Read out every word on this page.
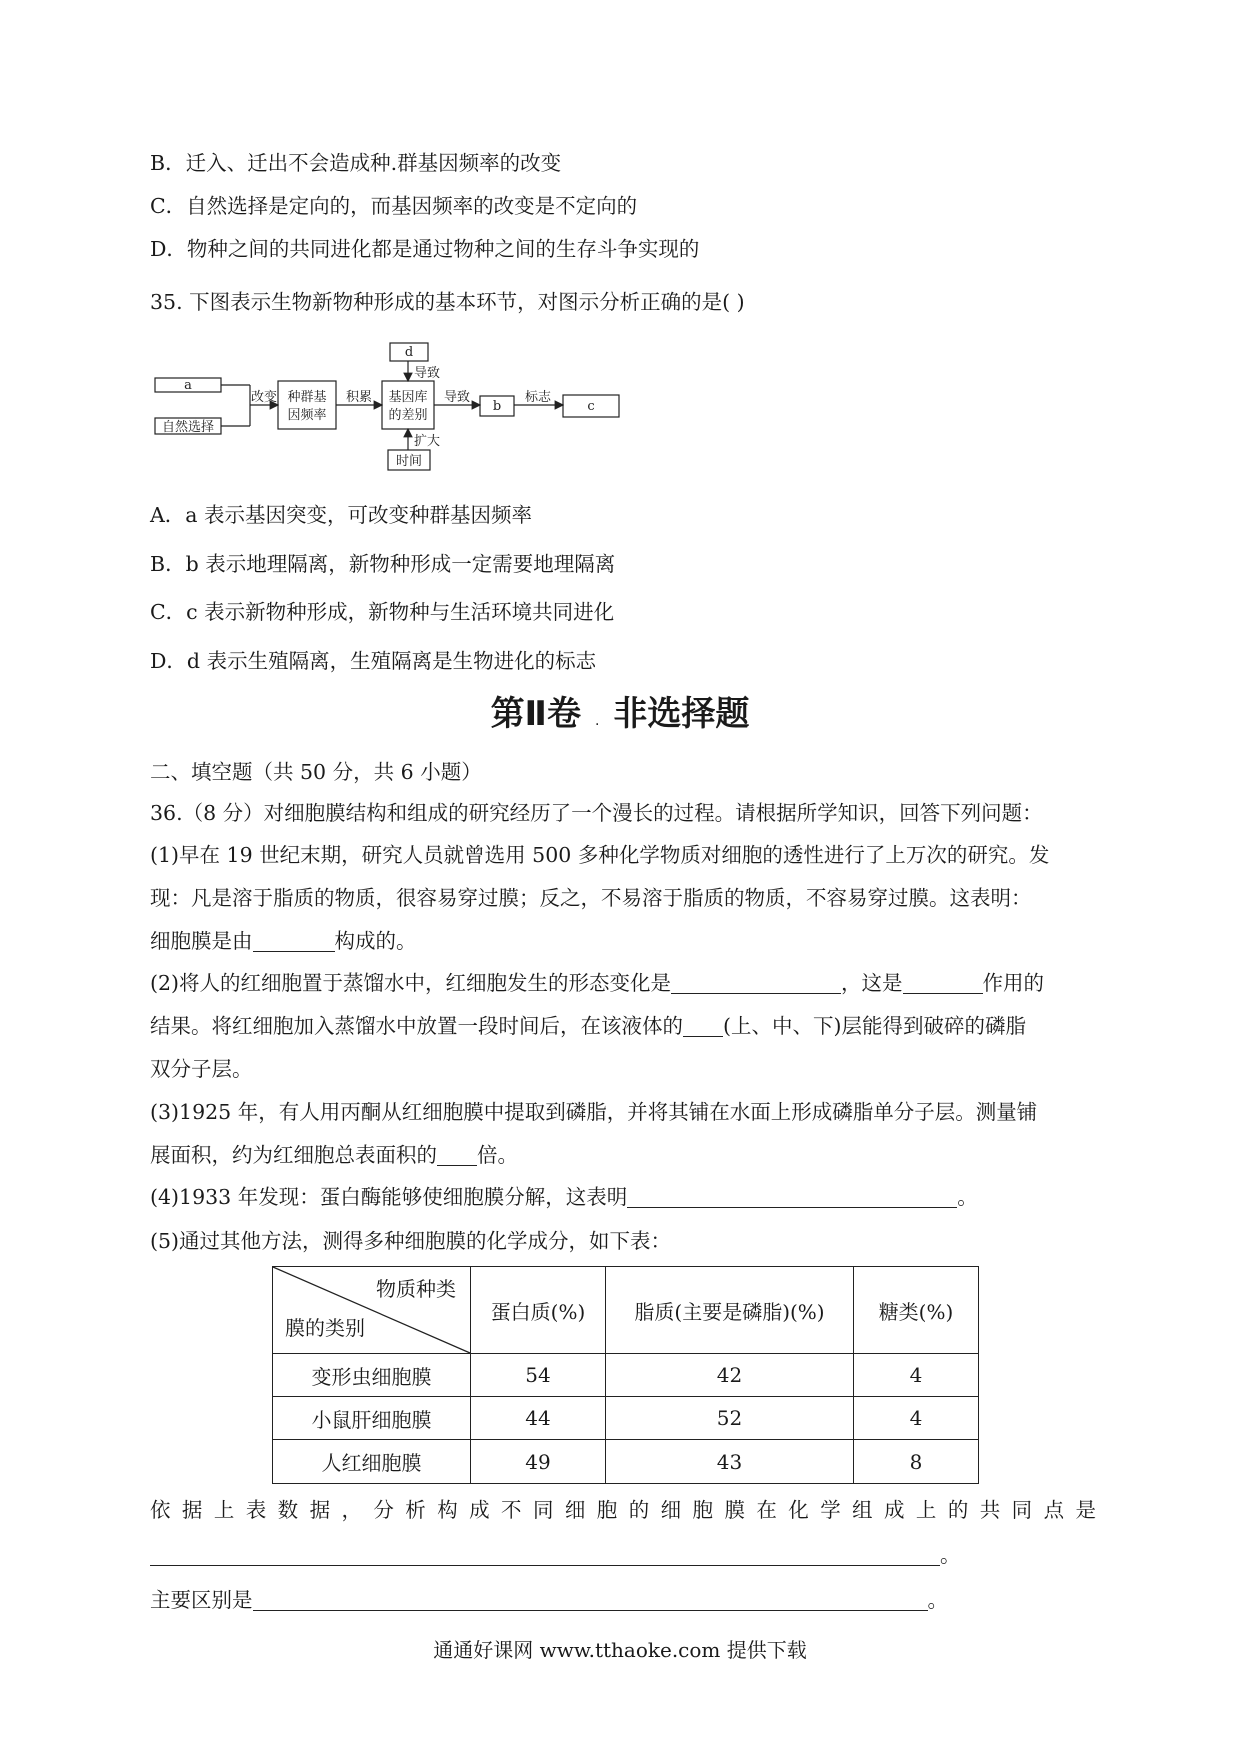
B．迁入、迁出不会造成种.群基因频率的改变
C．自然选择是定向的，而基因频率的改变是不定向的
D．物种之间的共同进化都是通过物种之间的生存斗争实现的
35. 下图表示生物新物种形成的基本环节，对图示分析正确的是( )
a
自然选择
改变 种群基
因频率
积累 基因库
的差别
d
导致
扩大
时间
导致
b
标志
c
A．a 表示基因突变，可改变种群基因频率
B．b 表示地理隔离，新物种形成一定需要地理隔离
C．c 表示新物种形成，新物种与生活环境共同进化
D．d 表示生殖隔离，生殖隔离是生物进化的标志
第Ⅱ卷 . 非选择题
二、填空题（共 50 分，共 6 小题）
36.（8 分）对细胞膜结构和组成的研究经历了一个漫长的过程。请根据所学知识，回答下列问题：
(1)早在 19 世纪末期，研究人员就曾选用 500 多种化学物质对细胞的透性进行了上万次的研究。发
现：凡是溶于脂质的物质，很容易穿过膜；反之，不易溶于脂质的物质，不容易穿过膜。这表明：
细胞膜是由	构成的。
(2)将人的红细胞置于蒸馏水中，红细胞发生的形态变化是	，这是	作用的
结果。将红细胞加入蒸馏水中放置一段时间后，在该液体的 (上、中、下)层能得到破碎的磷脂
双分子层。
(3)1925 年，有人用丙酮从红细胞膜中提取到磷脂，并将其铺在水面上形成磷脂单分子层。测量铺
展面积，约为红细胞总表面积的 倍。
(4)1933 年发现：蛋白酶能够使细胞膜分解，这表明	。
(5)通过其他方法，测得多种细胞膜的化学成分，如下表：
物质种类
膜的类别	蛋白质(%)	脂质(主要是磷脂)(%)	糖类(%)
变形虫细胞膜	54	42	4
小鼠肝细胞膜	44	52	4
人红细胞膜	49	43	8
依据上表数据，分析构成不同细胞的细胞膜在化学组成上的共同点是
。
主要区别是	。
通通好课网 www.tthaoke.com 提供下载
